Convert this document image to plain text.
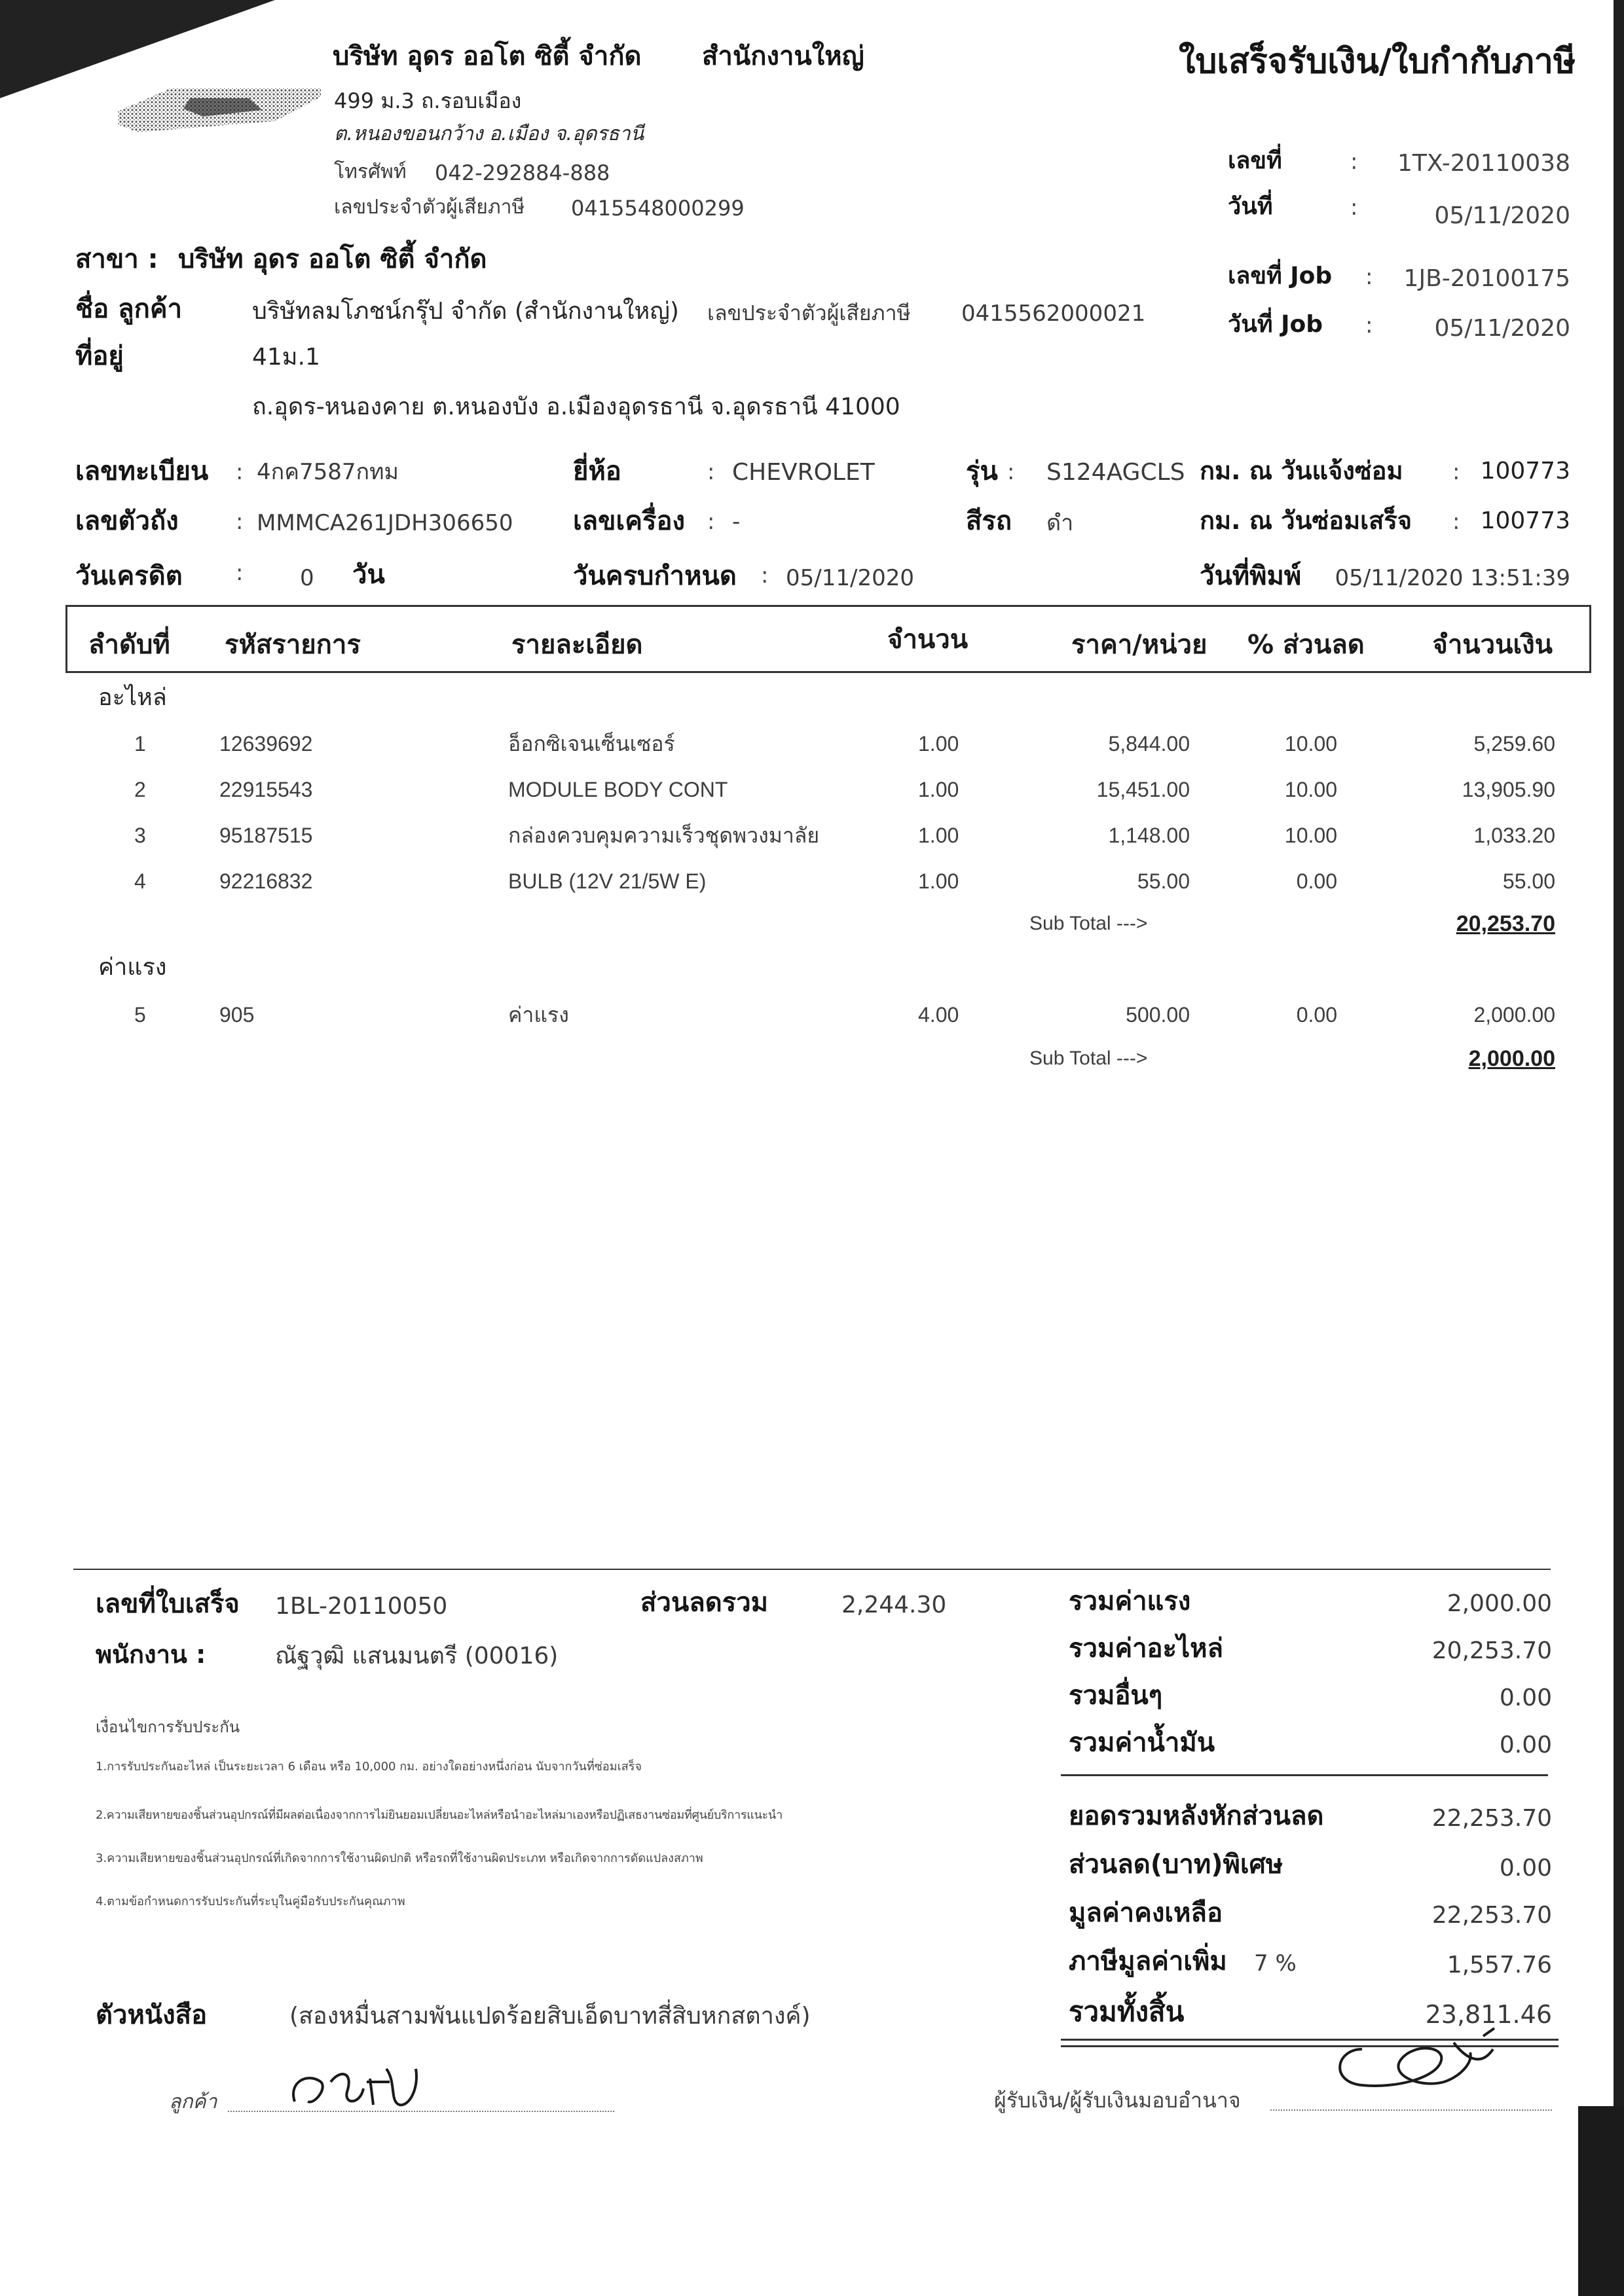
บริษัท อุดร ออโต ซิตี้ จำกัด สำนักงานใหญ่
499 ม.3 ถ.รอบเมือง
ต.หนองขอนกว้าง อ.เมือง จ.อุดรธานี
โทรศัพท์ 042-292884-888
เลขประจำตัวผู้เสียภาษี 0415548000299
ใบเสร็จรับเงิน/ใบกำกับภาษี
เลขที่	: 1TX-20110038
วันที่	:	05/11/2020
เลขที่ Job : 1JB-20100175
วันที่ Job :	05/11/2020
สาขา : บริษัท อุดร ออโต ซิตี้ จำกัด
ชื่อ ลูกค้า	บริษัทลมโภชน์กรุ๊ป จำกัด (สำนักงานใหญ่) เลขประจำตัวผู้เสียภาษี 0415562000021
ที่อยู่	41ม.1
ถ.อุดร-หนองคาย ต.หนองบัง อ.เมืองอุดรธานี จ.อุดรธานี 41000
เลขทะเบียน : 4กค7587กทม	ยี่ห้อ	: CHEVROLET	รุ่น : S124AGCLS กม. ณ วันแจ้งซ่อม : 100773
เลขตัวถัง	: MMMCA261JDH306650 เลขเครื่อง : -	สีรถ ดำ	กม. ณ วันซ่อมเสร็จ : 100773
วันเครดิต :	0 วัน	วันครบกำหนด : 05/11/2020	วันที่พิมพ์ 05/11/2020 13:51:39
ลำดับที่ รหัสรายการ	รายละเอียด	จำนวน	ราคา/หน่วย % ส่วนลด	จำนวนเงิน
อะไหล่
1	12639692	อ็อกซิเจนเซ็นเซอร์	1.00	5,844.00	10.00	5,259.60
2	22915543	MODULE BODY CONT	1.00	15,451.00	10.00	13,905.90
3	95187515	กล่องควบคุมความเร็วชุดพวงมาลัย	1.00	1,148.00	10.00	1,033.20
4	92216832	BULB (12V 21/5W E)	1.00	55.00	0.00	55.00
Sub Total --->	20,253.70
ค่าแรง
5	905	ค่าแรง	4.00	500.00	0.00	2,000.00
Sub Total --->	2,000.00
เลขที่ใบเสร็จ 1BL-20110050	ส่วนลดรวม	2,244.30
พนักงาน :	ณัฐวุฒิ แสนมนตรี (00016)
เงื่อนไขการรับประกัน
1.การรับประกันอะไหล่ เป็นระยะเวลา 6 เดือน หรือ 10,000 กม. อย่างใดอย่างหนึ่งก่อน นับจากวันที่ซ่อมเสร็จ
2.ความเสียหายของชิ้นส่วนอุปกรณ์ที่มีผลต่อเนื่องจากการไม่ยินยอมเปลี่ยนอะไหล่หรือนำอะไหล่มาเองหรือปฏิเสธงานซ่อมที่ศูนย์บริการแนะนำ
3.ความเสียหายของชิ้นส่วนอุปกรณ์ที่เกิดจากการใช้งานผิดปกติ หรือรถที่ใช้งานผิดประเภท หรือเกิดจากการดัดแปลงสภาพ
4.ตามข้อกำหนดการรับประกันที่ระบุในคู่มือรับประกันคุณภาพ
ตัวหนังสือ	(สองหมื่นสามพันแปดร้อยสิบเอ็ดบาทสี่สิบหกสตางค์)
รวมค่าแรง	2,000.00
รวมค่าอะไหล่	20,253.70
รวมอื่นๆ	0.00
รวมค่าน้ำมัน	0.00
ยอดรวมหลังหักส่วนลด	22,253.70
ส่วนลด(บาท)พิเศษ	0.00
มูลค่าคงเหลือ	22,253.70
ภาษีมูลค่าเพิ่ม 7 %	1,557.76
รวมทั้งสิ้น	23,811.46
ลูกค้า	ผู้รับเงิน/ผู้รับเงินมอบอำนาจ
